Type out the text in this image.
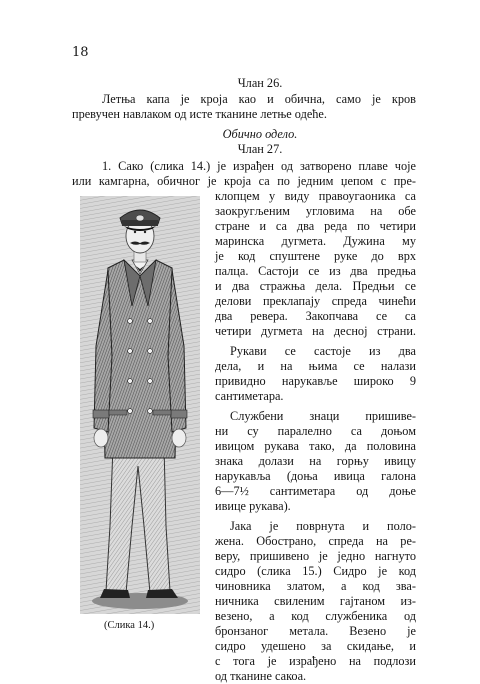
18
Члан 26.
Летња капа је кроја као и обична, само је кров
превучен навлаком од исте тканине летње одеће.
Обично одело.
Члан 27.
1. Сако (слика 14.) је израђен од затворено плаве чоје
или камгарна, обичног је кроја са по једним џепом с пре-
клопцем у виду правоугаоника са
заокругљеним угловима на обе
стране и са два реда по четири
маринска дугмета. Дужина му
је код спуштене руке до врх
палца. Састоји се из два предња
и два стражња дела. Предњи се
делови преклапају спреда чинећи
два ревера. Закопчава се са
четири дугмета на десној страни.
Рукави се састоје из два
дела, и на њима се налази
привидно нарукавље широко 9
сантиметара.
Службени знаци пришиве-
ни су паралелно са доњом
ивицом рукава тако, да половина
знака долази на горњу ивицу
нарукавља (доња ивица галона
6—7½ сантиметара од доње
ивице рукава).
Јака је поврнута и поло-
жена. Обострано, спреда на ре-
веру, пришивено је једно нагнуто
сидро (слика 15.) Сидро је код
чиновника златом, а код зва-
ничника свиленим гајтаном из-
везено, а код службеника од
бронзаног метала. Везено је
сидро удешено за скидање, и
с тога је израђено на подлози
од тканине сакоа.
(Слика 14.)
